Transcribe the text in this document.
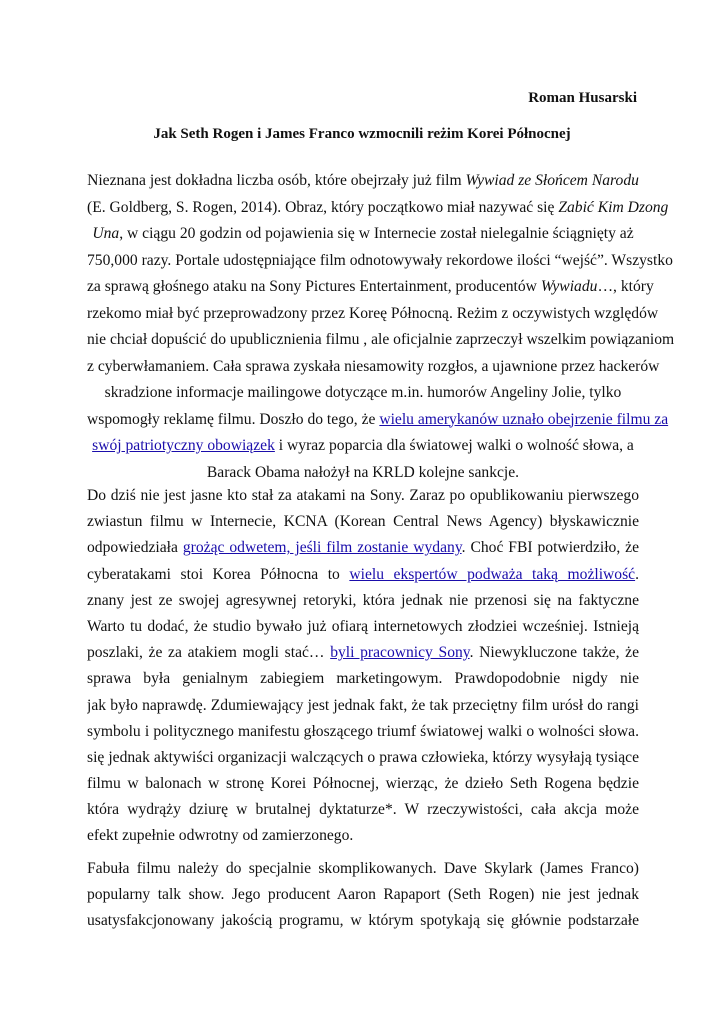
Roman Husarski
Jak Seth Rogen i James Franco wzmocnili reżim Korei Północnej
Nieznana jest dokładna liczba osób, które obejrzały już film Wywiad ze Słońcem Narodu
(E. Goldberg, S. Rogen, 2014). Obraz, który początkowo miał nazywać się Zabić Kim Dzong
Una, w ciągu 20 godzin od pojawienia się w Internecie został nielegalnie ściągnięty aż
750,000 razy. Portale udostępniające film odnotowywały rekordowe ilości “wejść”. Wszystko
za sprawą głośnego ataku na Sony Pictures Entertainment, producentów Wywiadu…, który
rzekomo miał być przeprowadzony przez Koreę Północną. Reżim z oczywistych względów
nie chciał dopuścić do upublicznienia filmu , ale oficjalnie zaprzeczył wszelkim powiązaniom
z cyberwłamaniem. Cała sprawa zyskała niesamowity rozgłos, a ujawnione przez hackerów
skradzione informacje mailingowe dotyczące m.in. humorów Angeliny Jolie, tylko
wspomogły reklamę filmu. Doszło do tego, że wielu amerykanów uznało obejrzenie filmu za
swój patriotyczny obowiązek i wyraz poparcia dla światowej walki o wolność słowa, a
Barack Obama nałożył na KRLD kolejne sankcje.
Do dziś nie jest jasne kto stał za atakami na Sony. Zaraz po opublikowaniu pierwszego
zwiastun filmu w Internecie, KCNA (Korean Central News Agency) błyskawicznie
odpowiedziała grożąc odwetem, jeśli film zostanie wydany. Choć FBI potwierdziło, że
cyberatakami stoi Korea Północna to wielu ekspertów podważa taką możliwość.
znany jest ze swojej agresywnej retoryki, która jednak nie przenosi się na faktyczne
Warto tu dodać, że studio bywało już ofiarą internetowych złodziei wcześniej. Istnieją
poszlaki, że za atakiem mogli stać… byli pracownicy Sony. Niewykluczone także, że
sprawa była genialnym zabiegiem marketingowym. Prawdopodobnie nigdy nie
jak było naprawdę. Zdumiewający jest jednak fakt, że tak przeciętny film urósł do rangi
symbolu i politycznego manifestu głoszącego triumf światowej walki o wolności słowa.
się jednak aktywiści organizacji walczących o prawa człowieka, którzy wysyłają tysiące
filmu w balonach w stronę Korei Północnej, wierząc, że dzieło Seth Rogena będzie
która wydrąży dziurę w brutalnej dyktaturze*. W rzeczywistości, cała akcja może
efekt zupełnie odwrotny od zamierzonego.
Fabuła filmu należy do specjalnie skomplikowanych. Dave Skylark (James Franco)
popularny talk show. Jego producent Aaron Rapaport (Seth Rogen) nie jest jednak
usatysfakcjonowany jakością programu, w którym spotykają się głównie podstarzałe
